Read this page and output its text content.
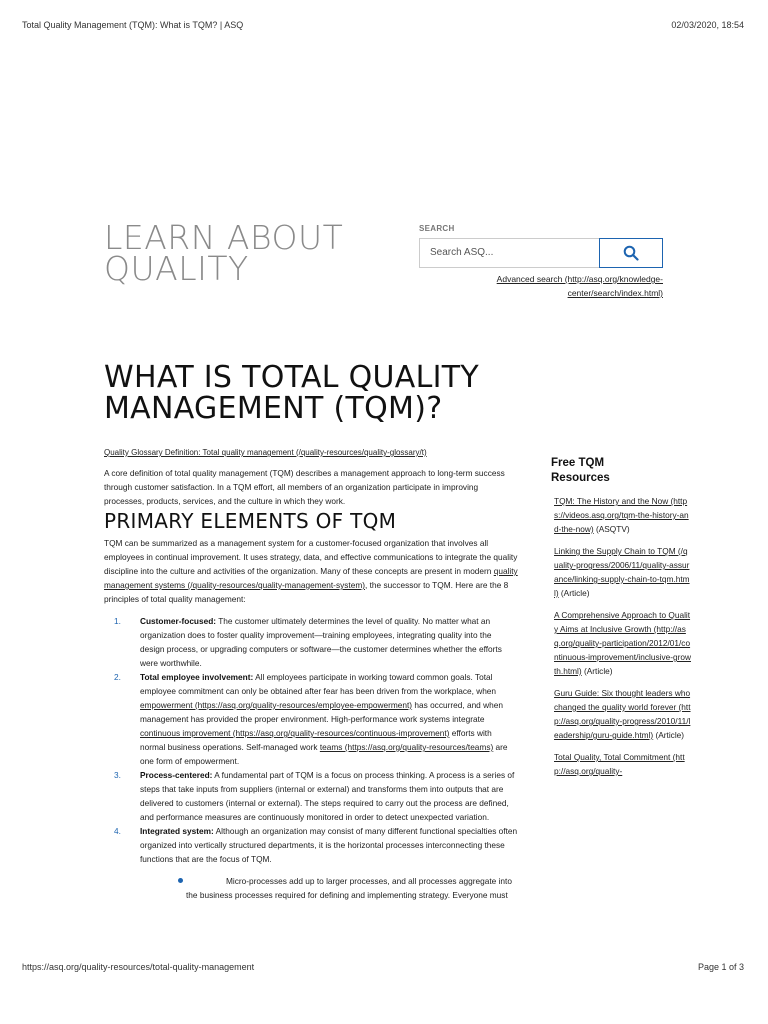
Total Quality Management (TQM): What is TQM? | ASQ	02/03/2020, 18:54
LEARN ABOUT
QUALITY
SEARCH
Search ASQ...
Advanced search (http://asq.org/knowledge-
center/search/index.html)
WHAT IS TOTAL QUALITY
MANAGEMENT (TQM)?

Quality Glossary Definition: Total quality management (/quality-resources/quality-glossary/t)

A core definition of total quality management (TQM) describes a management approach to long-term success through customer satisfaction. In a TQM effort, all members of an organization participate in improving processes, products, services, and the culture in which they work.

PRIMARY ELEMENTS OF TQM

TQM can be summarized as a management system for a customer-focused organization that involves all employees in continual improvement. It uses strategy, data, and effective communications to integrate the quality discipline into the culture and activities of the organization. Many of these concepts are present in modern quality management systems (/quality-resources/quality-management-system), the successor to TQM. Here are the 8 principles of total quality management:

1. Customer-focused: The customer ultimately determines the level of quality. No matter what an organization does to foster quality improvement—training employees, integrating quality into the design process, or upgrading computers or software—the customer determines whether the efforts were worthwhile.
2. Total employee involvement: All employees participate in working toward common goals. Total employee commitment can only be obtained after fear has been driven from the workplace, when empowerment (https://asq.org/quality-resources/employee-empowerment) has occurred, and when management has provided the proper environment. High-performance work systems integrate continuous improvement (https://asq.org/quality-resources/continuous-improvement) efforts with normal business operations. Self-managed work teams (https://asq.org/quality-resources/teams) are one form of empowerment.
3. Process-centered: A fundamental part of TQM is a focus on process thinking. A process is a series of steps that take inputs from suppliers (internal or external) and transforms them into outputs that are delivered to customers (internal or external). The steps required to carry out the process are defined, and performance measures are continuously monitored in order to detect unexpected variation.
4. Integrated system: Although an organization may consist of many different functional specialties often organized into vertically structured departments, it is the horizontal processes interconnecting these functions that are the focus of TQM.
Micro-processes add up to larger processes, and all processes aggregate into the business processes required for defining and implementing strategy. Everyone must
Free TQM
Resources
TQM: The History and the Now (https://videos.asq.org/tqm-the-history-and-the-now) (ASQTV)
Linking the Supply Chain to TQM (/quality-progress/2006/11/quality-assurance/linking-supply-chain-to-tqm.html) (Article)
A Comprehensive Approach to Quality Aims at Inclusive Growth (http://asq.org/quality-participation/2012/01/continuous-improvement/inclusive-growth.html) (Article)
Guru Guide: Six thought leaders who changed the quality world forever (http://asq.org/quality-progress/2010/11/leadership/guru-guide.html) (Article)
Total Quality, Total Commitment (http://asq.org/quality-
https://asq.org/quality-resources/total-quality-management	Page 1 of 3
